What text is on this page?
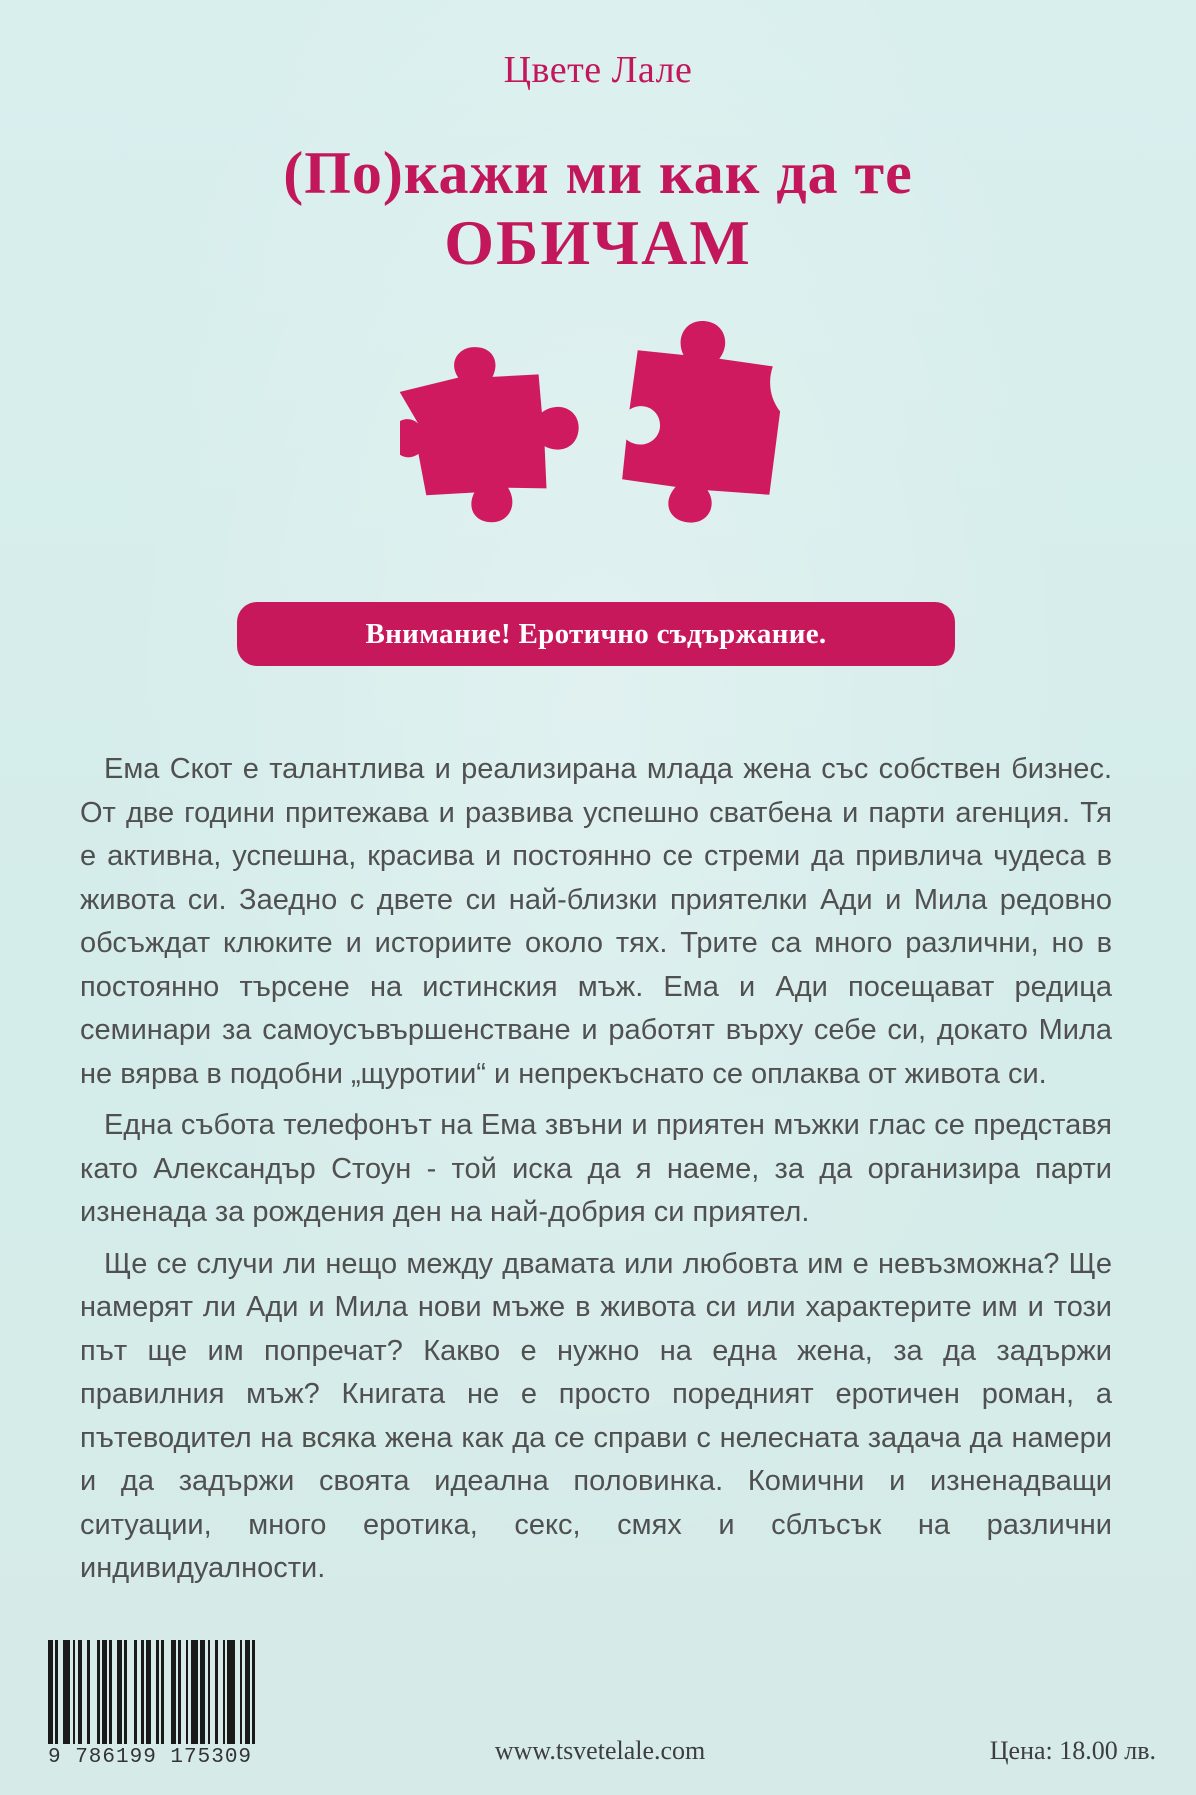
Цвете Лале
(По)кажи ми как да те
ОБИЧАМ
Внимание! Еротично съдържание.

Ема Скот е талантлива и реализирана млада жена със собствен бизнес. От две години притежава и развива успешно сватбена и парти агенция. Тя е активна, успешна, красива и постоянно се стреми да привлича чудеса в живота си. Заедно с двете си най-близки приятелки Ади и Мила редовно обсъждат клюките и историите около тях. Трите са много различни, но в постоянно търсене на истинския мъж. Ема и Ади посещават редица семинари за самоусъвършенстване и работят върху себе си, докато Мила не вярва в подобни „щуротии“ и непрекъснато се оплаква от живота си.

Една събота телефонът на Ема звъни и приятен мъжки глас се представя като Александър Стоун - той иска да я наеме, за да организира парти изненада за рождения ден на най-добрия си приятел.

Ще се случи ли нещо между двамата или любовта им е невъзможна? Ще намерят ли Ади и Мила нови мъже в живота си или характерите им и този път ще им попречат? Какво е нужно на една жена, за да задържи правилния мъж? Книгата не е просто поредният еротичен роман, а пътеводител на всяка жена как да се справи с нелесната задача да намери и да задържи своята идеална половинка. Комични и изненадващи ситуации, много еротика, секс, смях и сблъсък на различни индивидуалности.

9 786199 175309	www.tsvetelale.com	Цена: 18.00 лв.
